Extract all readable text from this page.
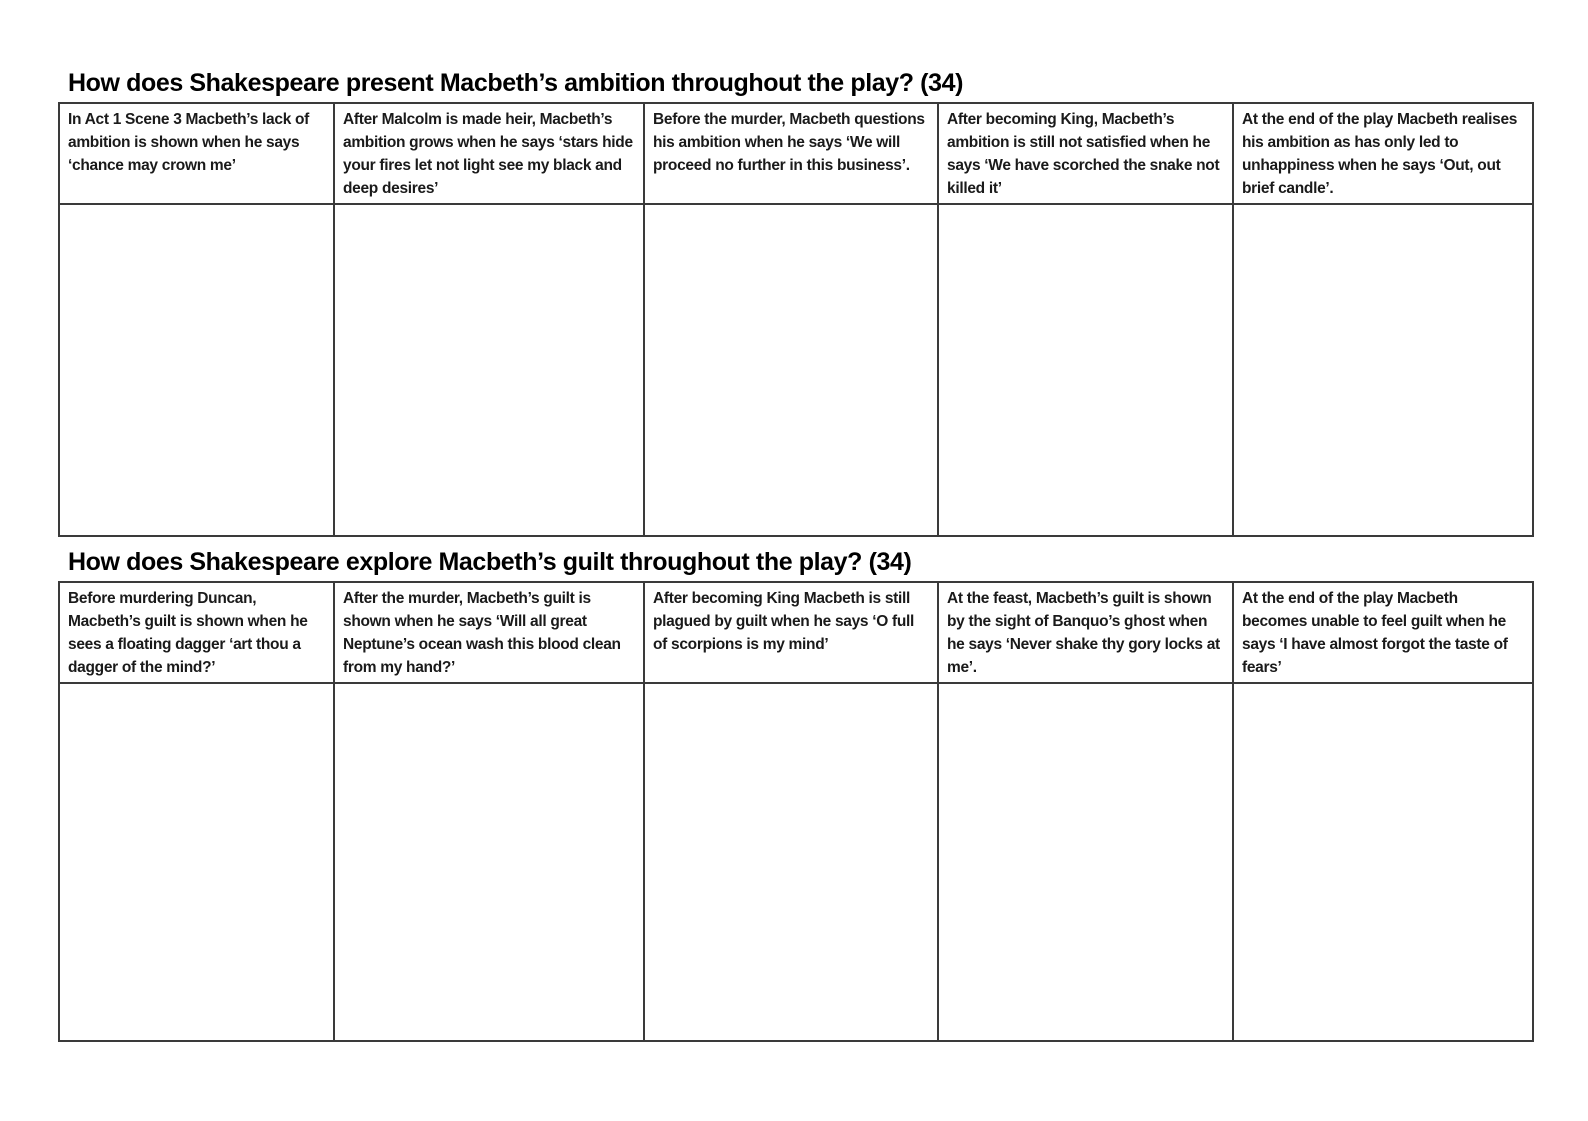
How does Shakespeare present Macbeth’s ambition throughout the play? (34)
In Act 1 Scene 3 Macbeth’s lack of ambition is shown when he says ‘chance may crown me’	After Malcolm is made heir, Macbeth’s ambition grows when he says ‘stars hide your fires let not light see my black and deep desires’	Before the murder, Macbeth questions his ambition when he says ‘We will proceed no further in this business’.	After becoming King, Macbeth’s ambition is still not satisfied when he says ‘We have scorched the snake not killed it’	At the end of the play Macbeth realises his ambition as has only led to unhappiness when he says ‘Out, out brief candle’.

How does Shakespeare explore Macbeth’s guilt throughout the play? (34)
Before murdering Duncan, Macbeth’s guilt is shown when he sees a floating dagger ‘art thou a dagger of the mind?’	After the murder, Macbeth’s guilt is shown when he says ‘Will all great Neptune’s ocean wash this blood clean from my hand?’	After becoming King Macbeth is still plagued by guilt when he says ‘O full of scorpions is my mind’	At the feast, Macbeth’s guilt is shown by the sight of Banquo’s ghost when he says ‘Never shake thy gory locks at me’.	At the end of the play Macbeth becomes unable to feel guilt when he says ‘I have almost forgot the taste of fears’
